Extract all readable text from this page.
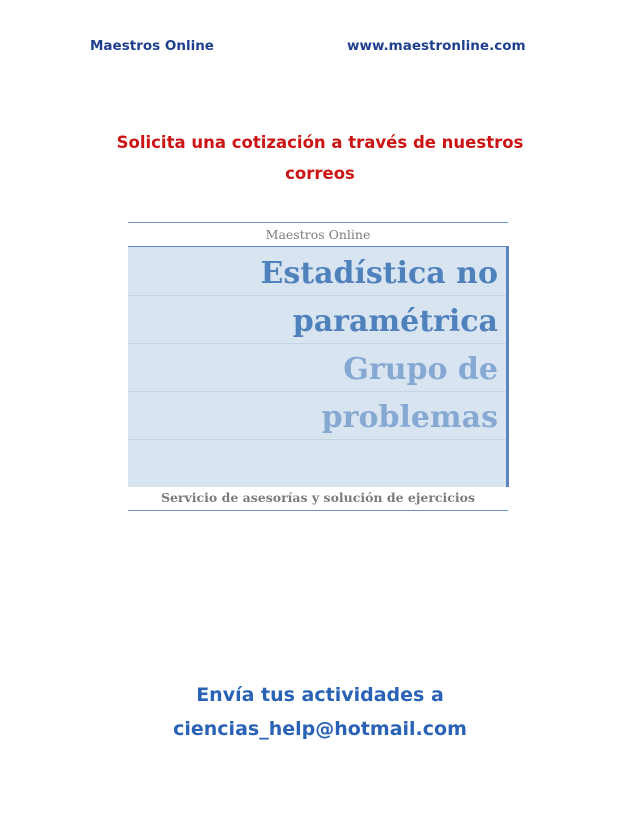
Maestros Online	www.maestronline.com
Solicita una cotización a través de nuestros
correos
Maestros Online
Estadística no
paramétrica
Grupo de
problemas
Servicio de asesorías y solución de ejercicios
Envía tus actividades a
ciencias_help@hotmail.com
